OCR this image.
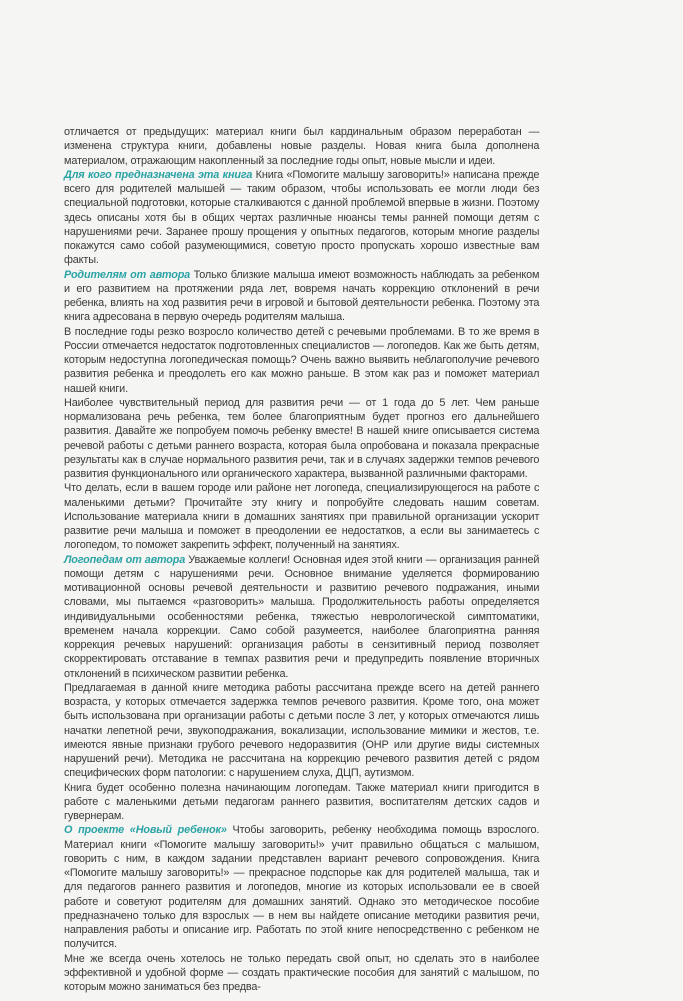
отличается от предыдущих: материал книги был кардинальным образом переработан — изменена структура книги, добавлены новые разделы. Новая книга была дополнена материалом, отражающим накопленный за последние годы опыт, новые мысли и идеи.

Для кого предназначена эта книга Книга «Помогите малышу заговорить!» написана прежде всего для родителей малышей — таким образом, чтобы использовать ее могли люди без специальной подготовки, которые сталкиваются с данной проблемой впервые в жизни. Поэтому здесь описаны хотя бы в общих чертах различные нюансы темы ранней помощи детям с нарушениями речи. Заранее прошу прощения у опытных педагогов, которым многие разделы покажутся само собой разумеющимися, советую просто пропускать хорошо известные вам факты.

Родителям от автора Только близкие малыша имеют возможность наблюдать за ребенком и его развитием на протяжении ряда лет, вовремя начать коррекцию отклонений в речи ребенка, влиять на ход развития речи в игровой и бытовой деятельности ребенка. Поэтому эта книга адресована в первую очередь родителям малыша.

В последние годы резко возросло количество детей с речевыми проблемами. В то же время в России отмечается недостаток подготовленных специалистов — логопедов. Как же быть детям, которым недоступна логопедическая помощь? Очень важно выявить неблагополучие речевого развития ребенка и преодолеть его как можно раньше. В этом как раз и поможет материал нашей книги.

Наиболее чувствительный период для развития речи — от 1 года до 5 лет. Чем раньше нормализована речь ребенка, тем более благоприятным будет прогноз его дальнейшего развития. Давайте же попробуем помочь ребенку вместе! В нашей книге описывается система речевой работы с детьми раннего возраста, которая была опробована и показала прекрасные результаты как в случае нормального развития речи, так и в случаях задержки темпов речевого развития функционального или органического характера, вызванной различными факторами.

Что делать, если в вашем городе или районе нет логопеда, специализирующегося на работе с маленькими детьми? Прочитайте эту книгу и попробуйте следовать нашим советам. Использование материала книги в домашних занятиях при правильной организации ускорит развитие речи малыша и поможет в преодолении ее недостатков, а если вы занимаетесь с логопедом, то поможет закрепить эффект, полученный на занятиях.

Логопедам от автора Уважаемые коллеги! Основная идея этой книги — организация ранней помощи детям с нарушениями речи. Основное внимание уделяется формированию мотивационной основы речевой деятельности и развитию речевого подражания, иными словами, мы пытаемся «разговорить» малыша. Продолжительность работы определяется индивидуальными особенностями ребенка, тяжестью неврологической симптоматики, временем начала коррекции. Само собой разумеется, наиболее благоприятна ранняя коррекция речевых нарушений: организация работы в сензитивный период позволяет скорректировать отставание в темпах развития речи и предупредить появление вторичных отклонений в психическом развитии ребенка.

Предлагаемая в данной книге методика работы рассчитана прежде всего на детей раннего возраста, у которых отмечается задержка темпов речевого развития. Кроме того, она может быть использована при организации работы с детьми после 3 лет, у которых отмечаются лишь начатки лепетной речи, звукоподражания, вокализации, использование мимики и жестов, т.е. имеются явные признаки грубого речевого недоразвития (ОНР или другие виды системных нарушений речи). Методика не рассчитана на коррекцию речевого развития детей с рядом специфических форм патологии: с нарушением слуха, ДЦП, аутизмом.

Книга будет особенно полезна начинающим логопедам. Также материал книги пригодится в работе с маленькими детьми педагогам раннего развития, воспитателям детских садов и гувернерам.

О проекте «Новый ребенок» Чтобы заговорить, ребенку необходима помощь взрослого. Материал книги «Помогите малышу заговорить!» учит правильно общаться с малышом, говорить с ним, в каждом задании представлен вариант речевого сопровождения. Книга «Помогите малышу заговорить!» — прекрасное подспорье как для родителей малыша, так и для педагогов раннего развития и логопедов, многие из которых использовали ее в своей работе и советуют родителям для домашних занятий. Однако это методическое пособие предназначено только для взрослых — в нем вы найдете описание методики развития речи, направления работы и описание игр. Работать по этой книге непосредственно с ребенком не получится.

Мне же всегда очень хотелось не только передать свой опыт, но сделать это в наиболее эффективной и удобной форме — создать практические пособия для занятий с малышом, по которым можно заниматься без предва-
